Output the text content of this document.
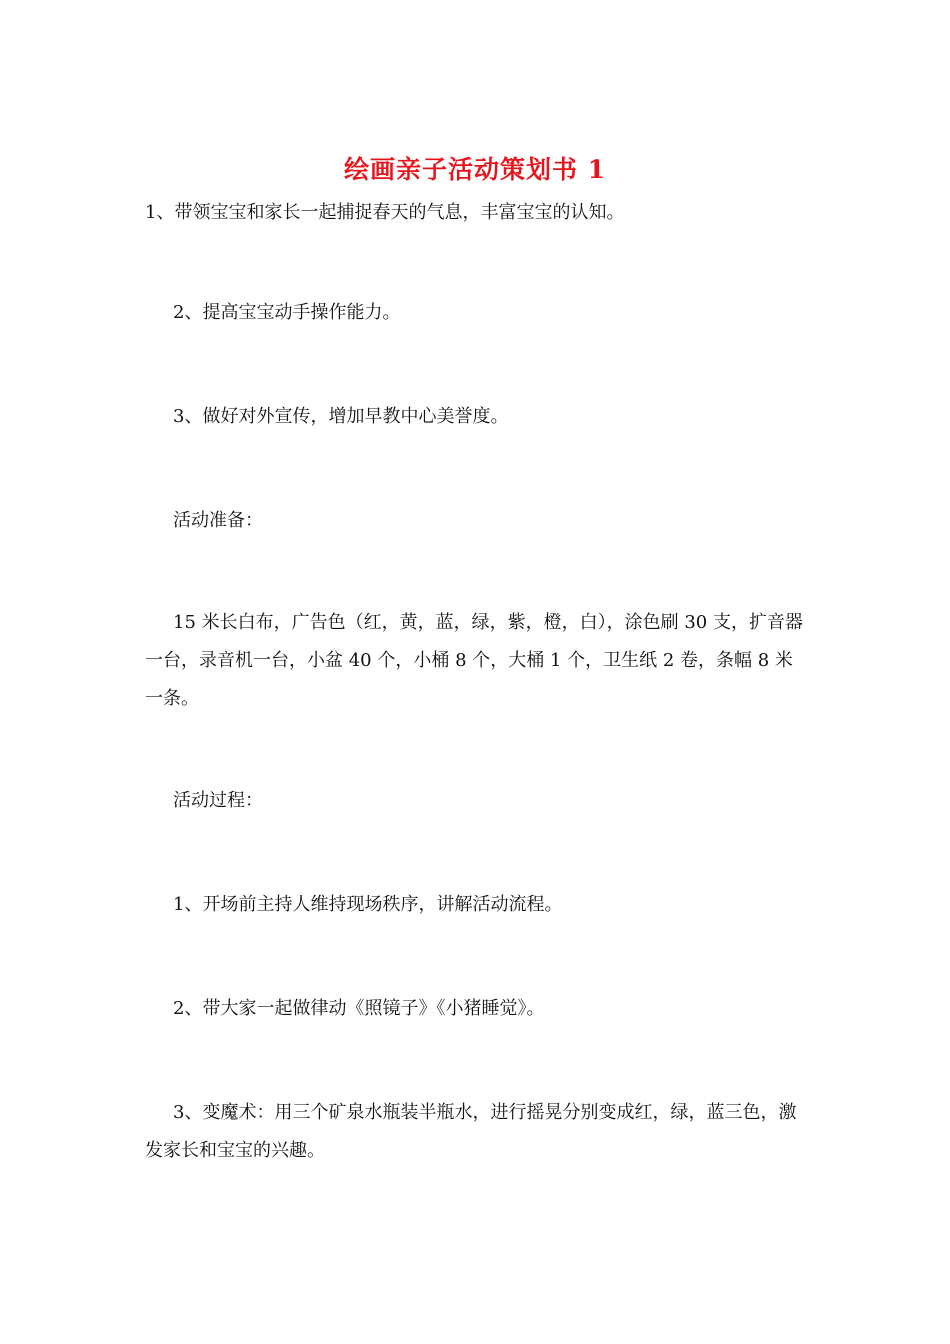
绘画亲子活动策划书 1
1、带领宝宝和家长一起捕捉春天的气息，丰富宝宝的认知。
2、提高宝宝动手操作能力。
3、做好对外宣传，增加早教中心美誉度。
活动准备：
15 米长白布，广告色（红，黄，蓝，绿，紫，橙，白），涂色刷 30 支，扩音器一台，录音机一台，小盆 40 个，小桶 8 个，大桶 1 个，卫生纸 2 卷，条幅 8 米一条。
活动过程：
1、开场前主持人维持现场秩序，讲解活动流程。
2、带大家一起做律动《照镜子》《小猪睡觉》。
3、变魔术：用三个矿泉水瓶装半瓶水，进行摇晃分别变成红，绿，蓝三色，激发家长和宝宝的兴趣。
